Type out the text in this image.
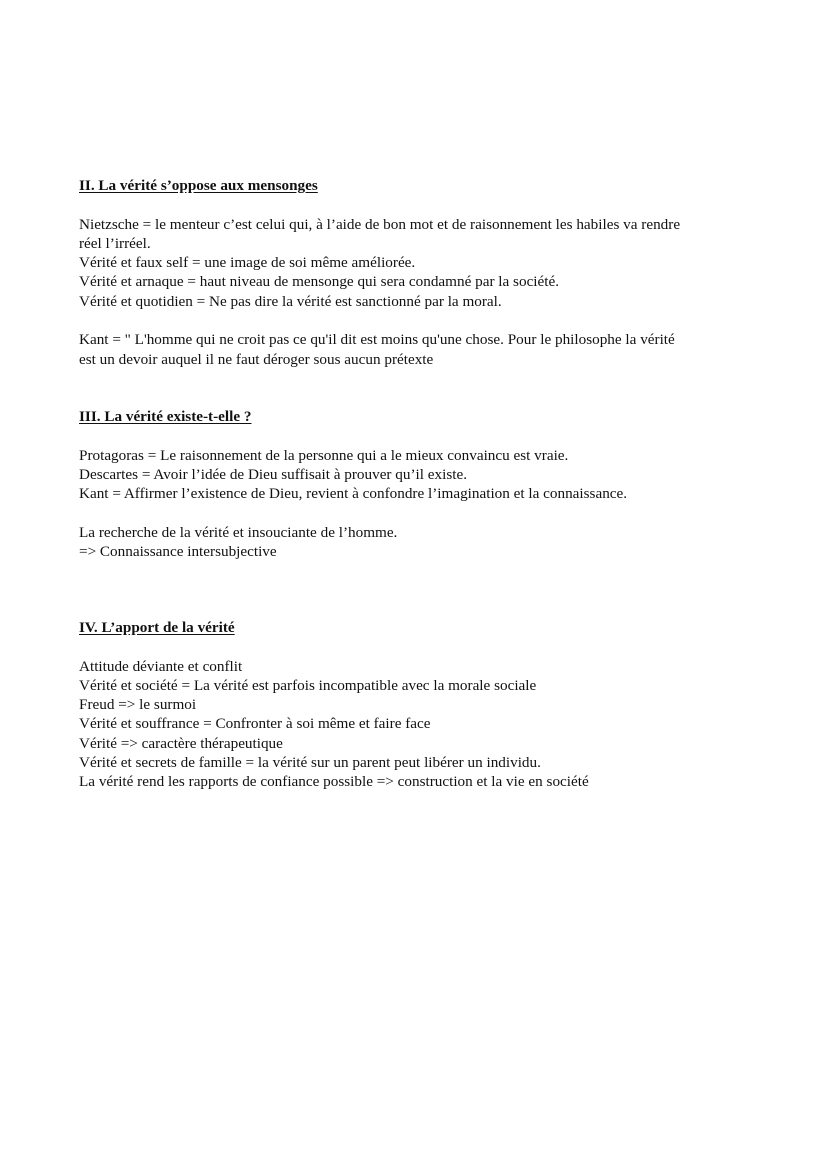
II. La vérité s’oppose aux mensonges

Nietzsche = le menteur c’est celui qui, à l’aide de bon mot et de raisonnement les habiles va rendre
réel l’irréel.
Vérité et faux self = une image de soi même améliorée.
Vérité et arnaque = haut niveau de mensonge qui sera condamné par la société.
Vérité et quotidien = Ne pas dire la vérité est sanctionné par la moral.

Kant = " L'homme qui ne croit pas ce qu'il dit est moins qu'une chose. Pour le philosophe la vérité
est un devoir auquel il ne faut déroger sous aucun prétexte

III. La vérité existe-t-elle ?

Protagoras = Le raisonnement de la personne qui a le mieux convaincu est vraie.
Descartes = Avoir l’idée de Dieu suffisait à prouver qu’il existe.
Kant = Affirmer l’existence de Dieu, revient à confondre l’imagination et la connaissance.

La recherche de la vérité et insouciante de l’homme.
=> Connaissance intersubjective

IV. L’apport de la vérité

Attitude déviante et conflit
Vérité et société = La vérité est parfois incompatible avec la morale sociale
Freud => le surmoi
Vérité et souffrance = Confronter à soi même et faire face
Vérité => caractère thérapeutique
Vérité et secrets de famille = la vérité sur un parent peut libérer un individu.
La vérité rend les rapports de confiance possible => construction et la vie en société
